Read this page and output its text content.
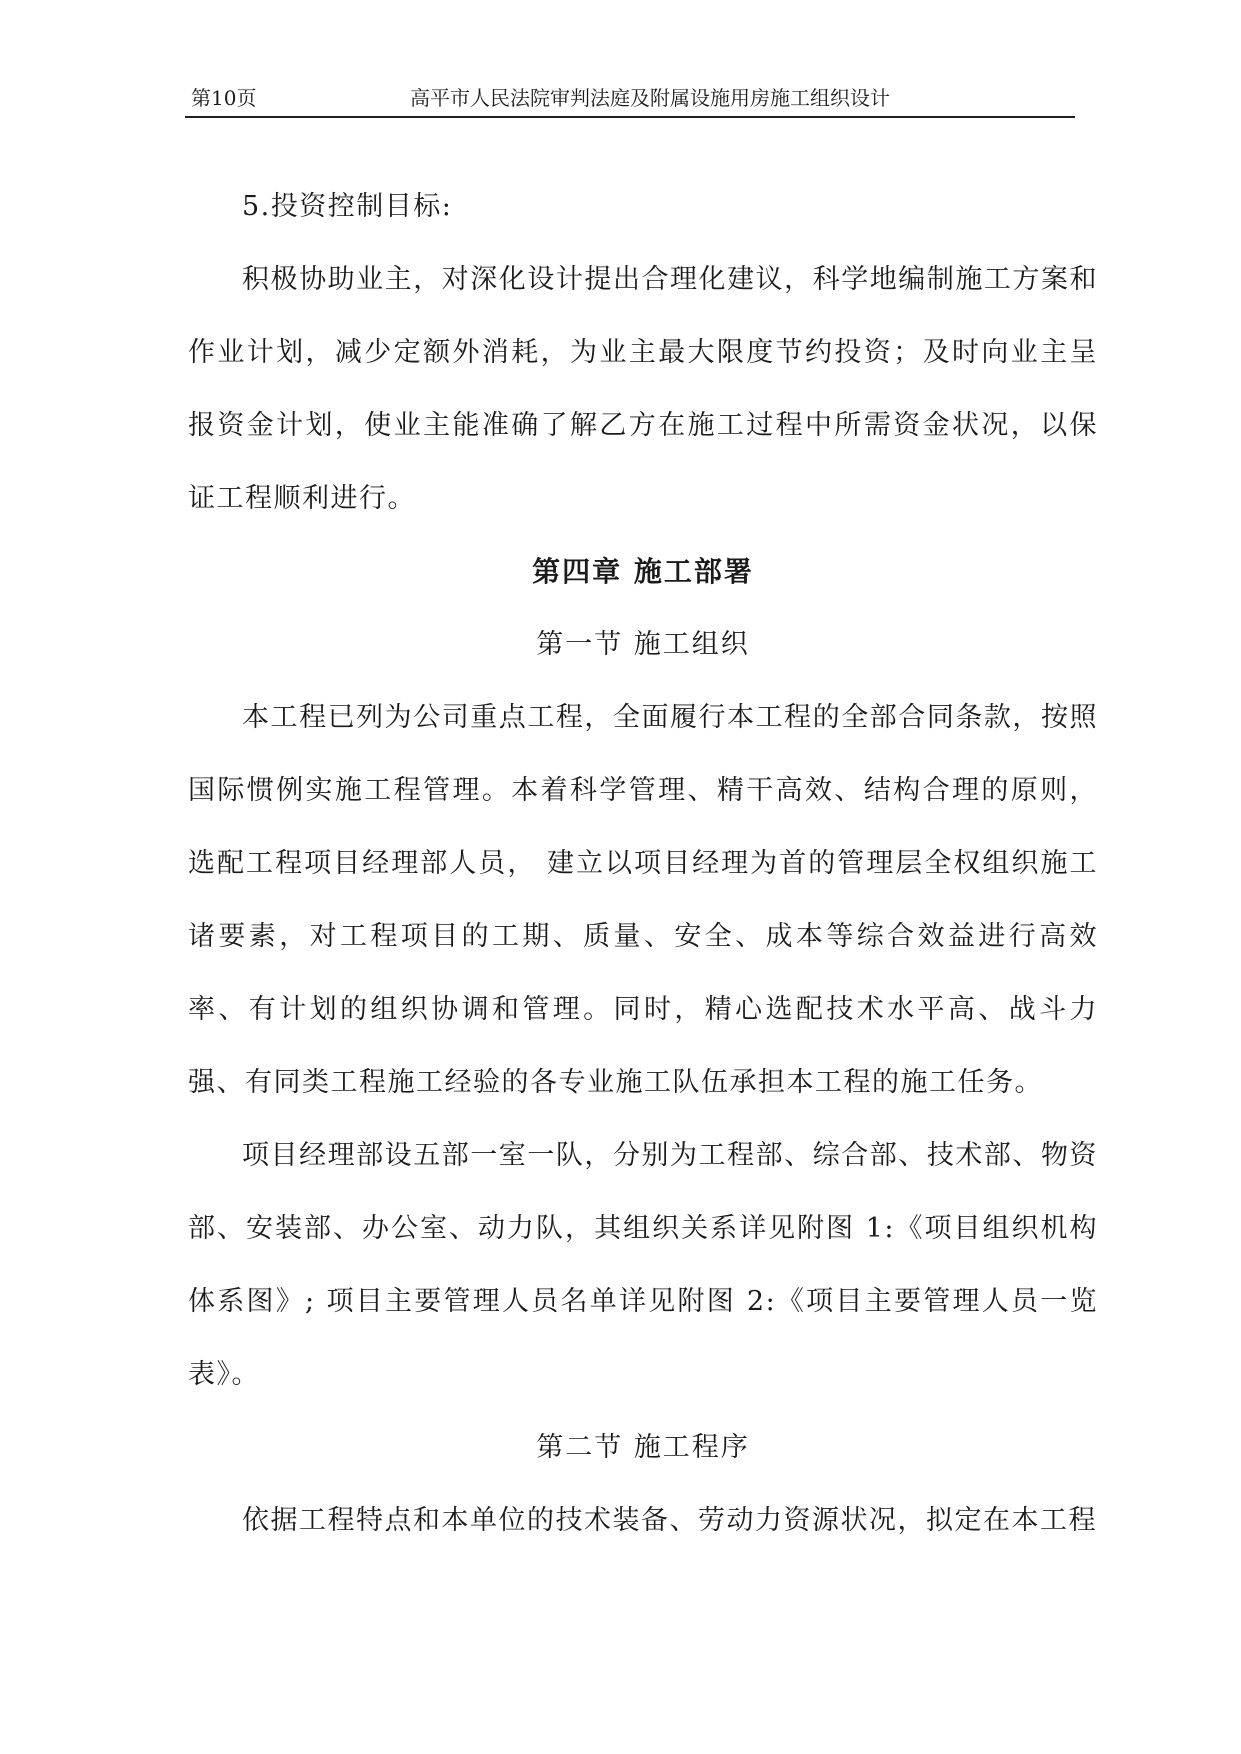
第10页	高平市人民法院审判法庭及附属设施用房施工组织设计

5.投资控制目标:

积极协助业主，对深化设计提出合理化建议，科学地编制施工方案和作业计划，减少定额外消耗，为业主最大限度节约投资；及时向业主呈报资金计划，使业主能准确了解乙方在施工过程中所需资金状况，以保证工程顺利进行。

第四章 施工部署

第一节 施工组织

本工程已列为公司重点工程，全面履行本工程的全部合同条款，按照国际惯例实施工程管理。本着科学管理、精干高效、结构合理的原则，选配工程项目经理部人员， 建立以项目经理为首的管理层全权组织施工诸要素，对工程项目的工期、质量、安全、成本等综合效益进行高效率、有计划的组织协调和管理。同时，精心选配技术水平高、战斗力强、有同类工程施工经验的各专业施工队伍承担本工程的施工任务。

项目经理部设五部一室一队，分别为工程部、综合部、技术部、物资部、安装部、办公室、动力队，其组织关系详见附图 1:《项目组织机构体系图》; 项目主要管理人员名单详见附图 2:《项目主要管理人员一览表》。

第二节 施工程序

依据工程特点和本单位的技术装备、劳动力资源状况，拟定在本工程
